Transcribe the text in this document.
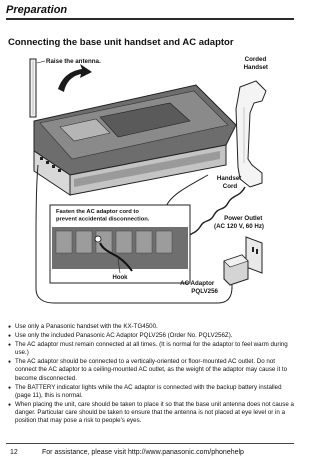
Preparation
Connecting the base unit handset and AC adaptor
Raise the antenna.	Corded Handset
Handset Cord
Fasten the AC adaptor cord to prevent accidental disconnection.
Hook
Power Outlet (AC 120 V, 60 Hz)
AC Adaptor PQLV256
● Use only a Panasonic handset with the KX-TG4500.
● Use only the included Panasonic AC Adaptor PQLV256 (Order No. PQLV256Z).
● The AC adaptor must remain connected at all times. (It is normal for the adaptor to feel warm during use.)
● The AC adaptor should be connected to a vertically-oriented or floor-mounted AC outlet. Do not connect the AC adaptor to a ceiling-mounted AC outlet, as the weight of the adaptor may cause it to become disconnected.
● The BATTERY indicator lights while the AC adaptor is connected with the backup battery installed (page 11), this is normal.
● When placing the unit, care should be taken to place it so that the base unit antenna does not cause a danger. Particular care should be taken to ensure that the antenna is not placed at eye level or in a position that may pose a risk to people's eyes.
12	For assistance, please visit http://www.panasonic.com/phonehelp
